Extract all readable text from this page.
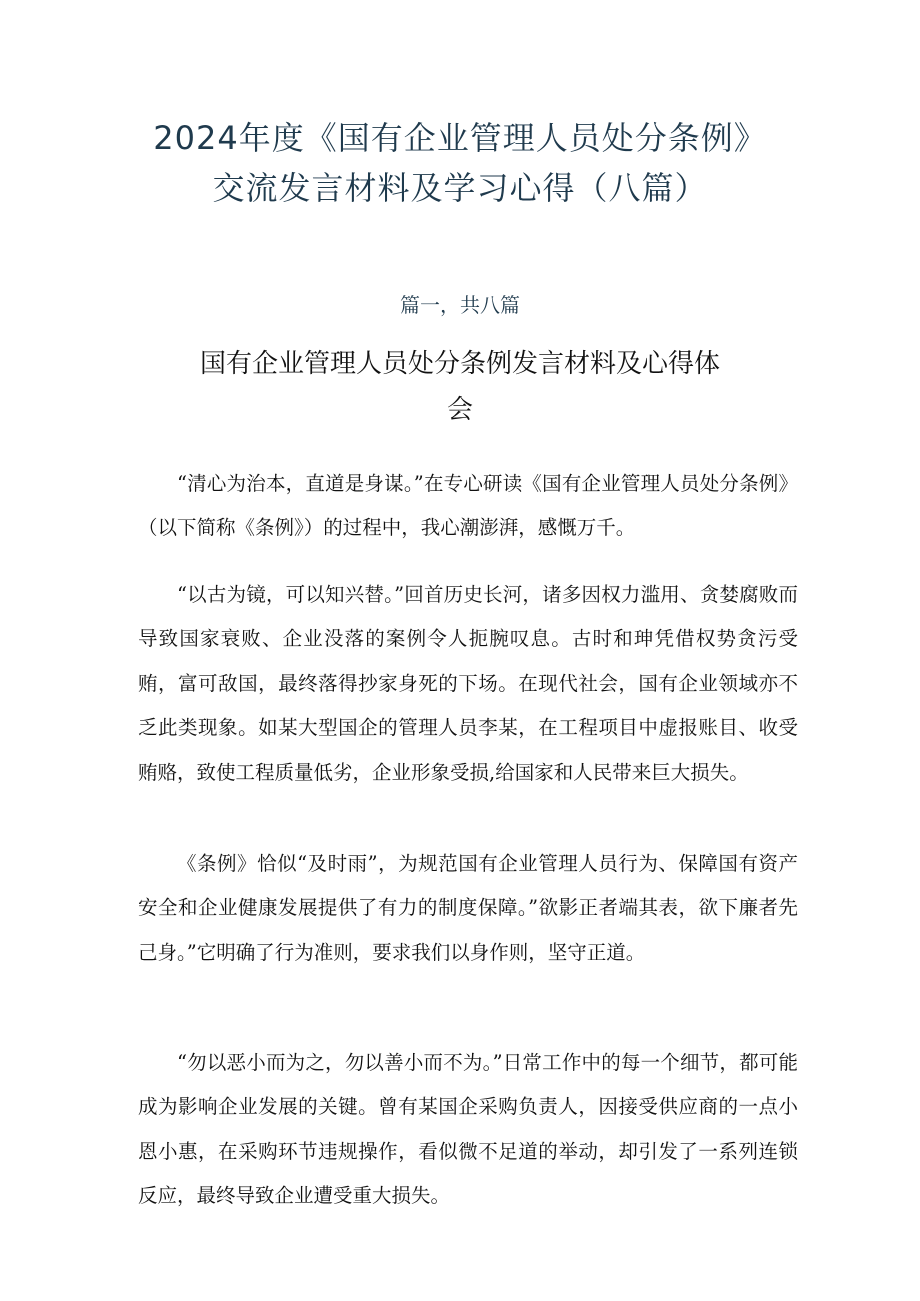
2024年度《国有企业管理人员处分条例》
交流发言材料及学习心得（八篇）
篇一，共八篇
国有企业管理人员处分条例发言材料及心得体
会

“清心为治本，直道是身谋。”在专心研读《国有企业管理人员处分条例》（以下简称《条例》）的过程中，我心潮澎湃，感慨万千。

“以古为镜，可以知兴替。”回首历史长河，诸多因权力滥用、贪婪腐败而导致国家衰败、企业没落的案例令人扼腕叹息。古时和珅凭借权势贪污受贿，富可敌国，最终落得抄家身死的下场。在现代社会，国有企业领域亦不乏此类现象。如某大型国企的管理人员李某，在工程项目中虚报账目、收受贿赂，致使工程质量低劣，企业形象受损,给国家和人民带来巨大损失。

《条例》恰似“及时雨”，为规范国有企业管理人员行为、保障国有资产安全和企业健康发展提供了有力的制度保障。”欲影正者端其表，欲下廉者先己身。”它明确了行为准则，要求我们以身作则，坚守正道。

“勿以恶小而为之，勿以善小而不为。”日常工作中的每一个细节，都可能成为影响企业发展的关键。曾有某国企采购负责人，因接受供应商的一点小恩小惠，在采购环节违规操作，看似微不足道的举动，却引发了一系列连锁反应，最终导致企业遭受重大损失。
